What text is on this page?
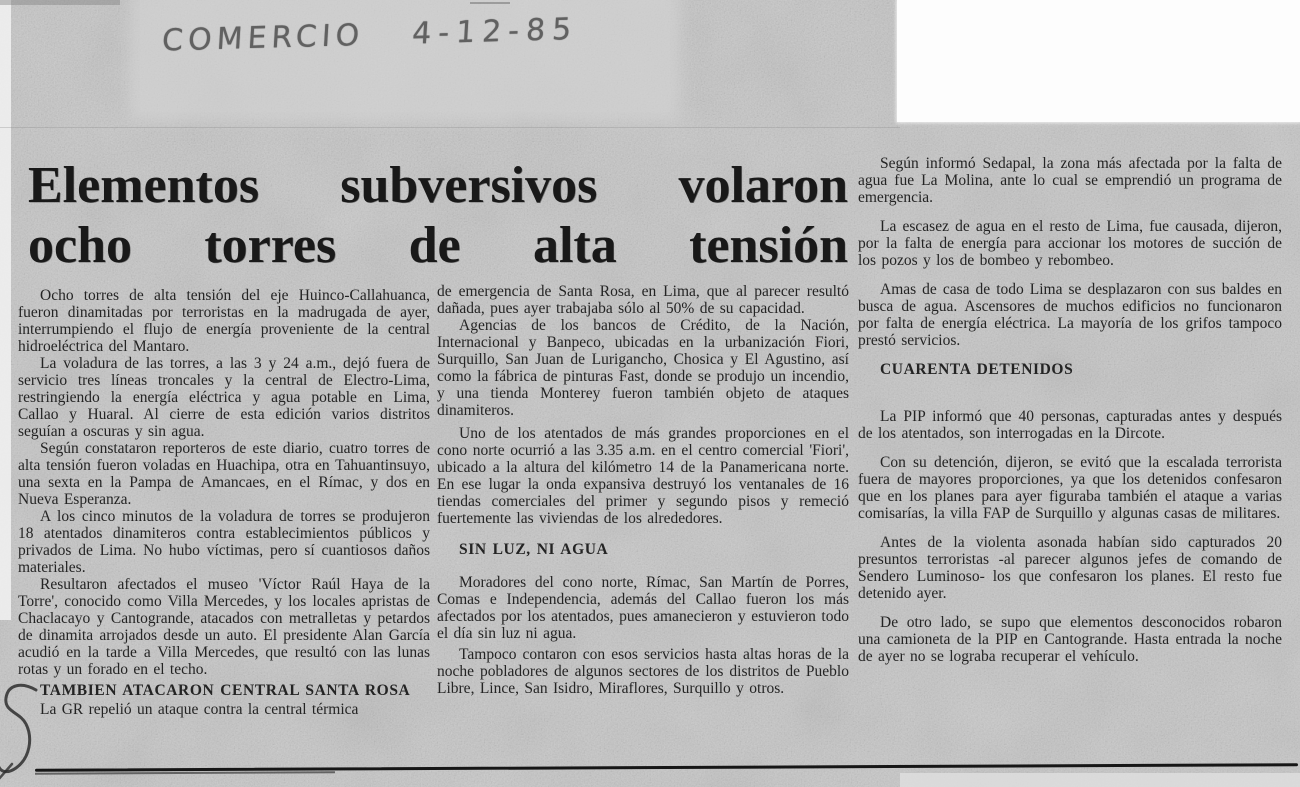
COMERCIO 4-12-85
Elementos subversivos volaron
ocho torres de alta tensión

Ocho torres de alta tensión del eje Huinco-Callahuanca, fueron dinamitadas por terroristas en la madrugada de ayer, interrumpiendo el flujo de energía proveniente de la central hidroeléctrica del Mantaro.

La voladura de las torres, a las 3 y 24 a.m., dejó fuera de servicio tres líneas troncales y la central de Electro-Lima, restringiendo la energía eléctrica y agua potable en Lima, Callao y Huaral. Al cierre de esta edición varios distritos seguían a oscuras y sin agua.

Según constataron reporteros de este diario, cuatro torres de alta tensión fueron voladas en Huachipa, otra en Tahuantinsuyo, una sexta en la Pampa de Amancaes, en el Rímac, y dos en Nueva Esperanza.

A los cinco minutos de la voladura de torres se produjeron 18 atentados dinamiteros contra establecimientos públicos y privados de Lima. No hubo víctimas, pero sí cuantiosos daños materiales.

Resultaron afectados el museo 'Víctor Raúl Haya de la Torre', conocido como Villa Mercedes, y los locales apristas de Chaclacayo y Cantogrande, atacados con metralletas y petardos de dinamita arrojados desde un auto. El presidente Alan García acudió en la tarde a Villa Mercedes, que resultó con las lunas rotas y un forado en el techo.

TAMBIEN ATACARON CENTRAL SANTA ROSA

La GR repelió un ataque contra la central térmica

de emergencia de Santa Rosa, en Lima, que al parecer resultó dañada, pues ayer trabajaba sólo al 50% de su capacidad.

Agencias de los bancos de Crédito, de la Nación, Internacional y Banpeco, ubicadas en la urbanización Fiori, Surquillo, San Juan de Lurigancho, Chosica y El Agustino, así como la fábrica de pinturas Fast, donde se produjo un incendio, y una tienda Monterey fueron también objeto de ataques dinamiteros.

Uno de los atentados de más grandes proporciones en el cono norte ocurrió a las 3.35 a.m. en el centro comercial 'Fiori', ubicado a la altura del kilómetro 14 de la Panamericana norte. En ese lugar la onda expansiva destruyó los ventanales de 16 tiendas comerciales del primer y segundo pisos y remeció fuertemente las viviendas de los alrededores.

SIN LUZ, NI AGUA

Moradores del cono norte, Rímac, San Martín de Porres, Comas e Independencia, además del Callao fueron los más afectados por los atentados, pues amanecieron y estuvieron todo el día sin luz ni agua.

Tampoco contaron con esos servicios hasta altas horas de la noche pobladores de algunos sectores de los distritos de Pueblo Libre, Lince, San Isidro, Miraflores, Surquillo y otros.

Según informó Sedapal, la zona más afectada por la falta de agua fue La Molina, ante lo cual se emprendió un programa de emergencia.

La escasez de agua en el resto de Lima, fue causada, dijeron, por la falta de energía para accionar los motores de succión de los pozos y los de bombeo y rebombeo.

Amas de casa de todo Lima se desplazaron con sus baldes en busca de agua. Ascensores de muchos edificios no funcionaron por falta de energía eléctrica. La mayoría de los grifos tampoco prestó servicios.

CUARENTA DETENIDOS

La PIP informó que 40 personas, capturadas antes y después de los atentados, son interrogadas en la Dircote.

Con su detención, dijeron, se evitó que la escalada terrorista fuera de mayores proporciones, ya que los detenidos confesaron que en los planes para ayer figuraba también el ataque a varias comisarías, la villa FAP de Surquillo y algunas casas de militares.

Antes de la violenta asonada habían sido capturados 20 presuntos terroristas -al parecer algunos jefes de comando de Sendero Luminoso- los que confesaron los planes. El resto fue detenido ayer.

De otro lado, se supo que elementos desconocidos robaron una camioneta de la PIP en Cantogrande. Hasta entrada la noche de ayer no se lograba recuperar el vehículo.
